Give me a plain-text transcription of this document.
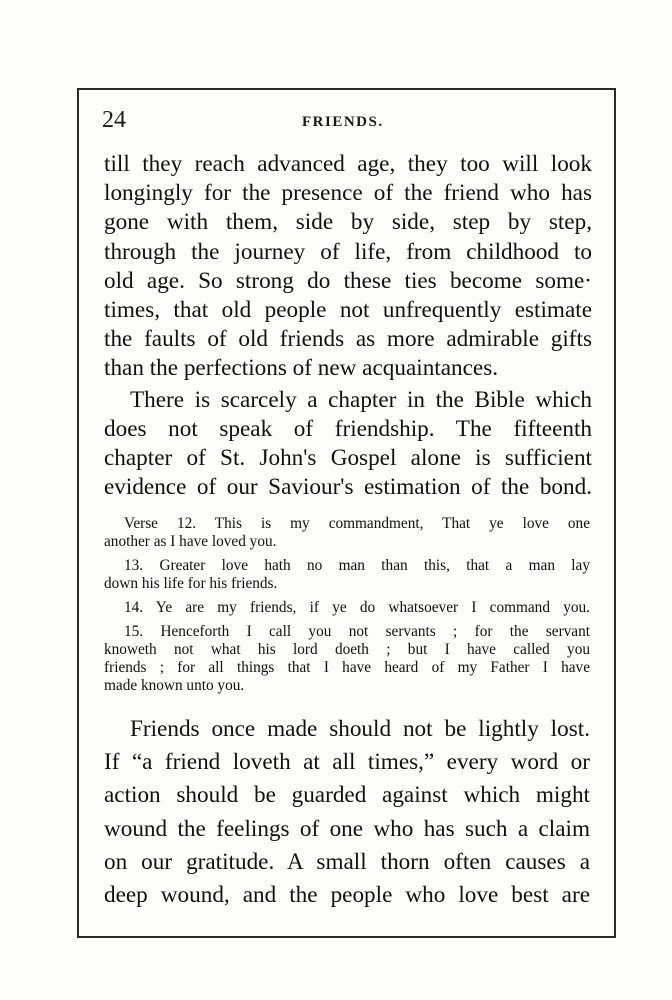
24	FRIENDS.

till they reach advanced age, they too will look
longingly for the presence of the friend who has
gone with them, side by side, step by step,
through the journey of life, from childhood to
old age. So strong do these ties become some·
times, that old people not unfrequently estimate
the faults of old friends as more admirable gifts
than the perfections of new acquaintances.

There is scarcely a chapter in the Bible which
does not speak of friendship. The fifteenth
chapter of St. John's Gospel alone is sufficient
evidence of our Saviour's estimation of the bond.

Verse 12. This is my commandment, That ye love one
another as I have loved you.

13. Greater love hath no man than this, that a man lay
down his life for his friends.

14. Ye are my friends, if ye do whatsoever I command you.

15. Henceforth I call you not servants ; for the servant
knoweth not what his lord doeth ; but I have called you
friends ; for all things that I have heard of my Father I have
made known unto you.

Friends once made should not be lightly lost.
If “a friend loveth at all times,” every word or
action should be guarded against which might
wound the feelings of one who has such a claim
on our gratitude. A small thorn often causes a
deep wound, and the people who love best are
